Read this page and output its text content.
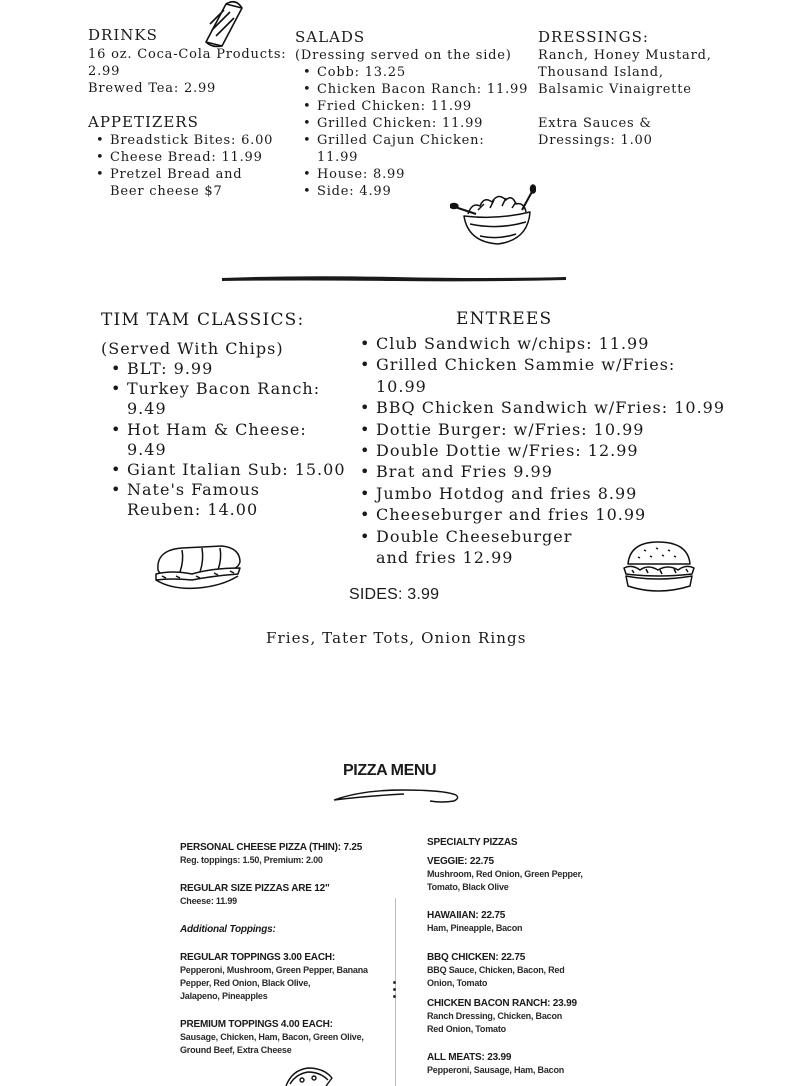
DRINKS
16 oz. Coca-Cola Products:
2.99
Brewed Tea: 2.99
APPETIZERS
• Breadstick Bites: 6.00
• Cheese Bread: 11.99
• Pretzel Bread and Beer cheese $7
SALADS
(Dressing served on the side)
• Cobb: 13.25
• Chicken Bacon Ranch: 11.99
• Fried Chicken: 11.99
• Grilled Chicken: 11.99
• Grilled Cajun Chicken: 11.99
• House: 8.99
• Side: 4.99
DRESSINGS:
Ranch, Honey Mustard,
Thousand Island,
Balsamic Vinaigrette
Extra Sauces &
Dressings: 1.00
TIM TAM CLASSICS:
(Served With Chips)
• BLT: 9.99
• Turkey Bacon Ranch: 9.49
• Hot Ham & Cheese: 9.49
• Giant Italian Sub: 15.00
• Nate's Famous Reuben: 14.00
ENTREES
• Club Sandwich w/chips: 11.99
• Grilled Chicken Sammie w/Fries: 10.99
• BBQ Chicken Sandwich w/Fries: 10.99
• Dottie Burger: w/Fries: 10.99
• Double Dottie w/Fries: 12.99
• Brat and Fries 9.99
• Jumbo Hotdog and fries 8.99
• Cheeseburger and fries 10.99
• Double Cheeseburger and fries 12.99
SIDES: 3.99
Fries, Tater Tots, Onion Rings
PIZZA MENU
PERSONAL CHEESE PIZZA (THIN): 7.25
Reg. toppings: 1.50, Premium: 2.00
REGULAR SIZE PIZZAS ARE 12"
Cheese: 11.99
Additional Toppings:
REGULAR TOPPINGS 3.00 EACH:
Pepperoni, Mushroom, Green Pepper, Banana
Pepper, Red Onion, Black Olive,
Jalapeno, Pineapples
PREMIUM TOPPINGS 4.00 EACH:
Sausage, Chicken, Ham, Bacon, Green Olive,
Ground Beef, Extra Cheese
SPECIALTY PIZZAS
VEGGIE: 22.75
Mushroom, Red Onion, Green Pepper,
Tomato, Black Olive
HAWAIIAN: 22.75
Ham, Pineapple, Bacon
BBQ CHICKEN: 22.75
BBQ Sauce, Chicken, Bacon, Red
Onion, Tomato
CHICKEN BACON RANCH: 23.99
Ranch Dressing, Chicken, Bacon
Red Onion, Tomato
ALL MEATS: 23.99
Pepperoni, Sausage, Ham, Bacon
